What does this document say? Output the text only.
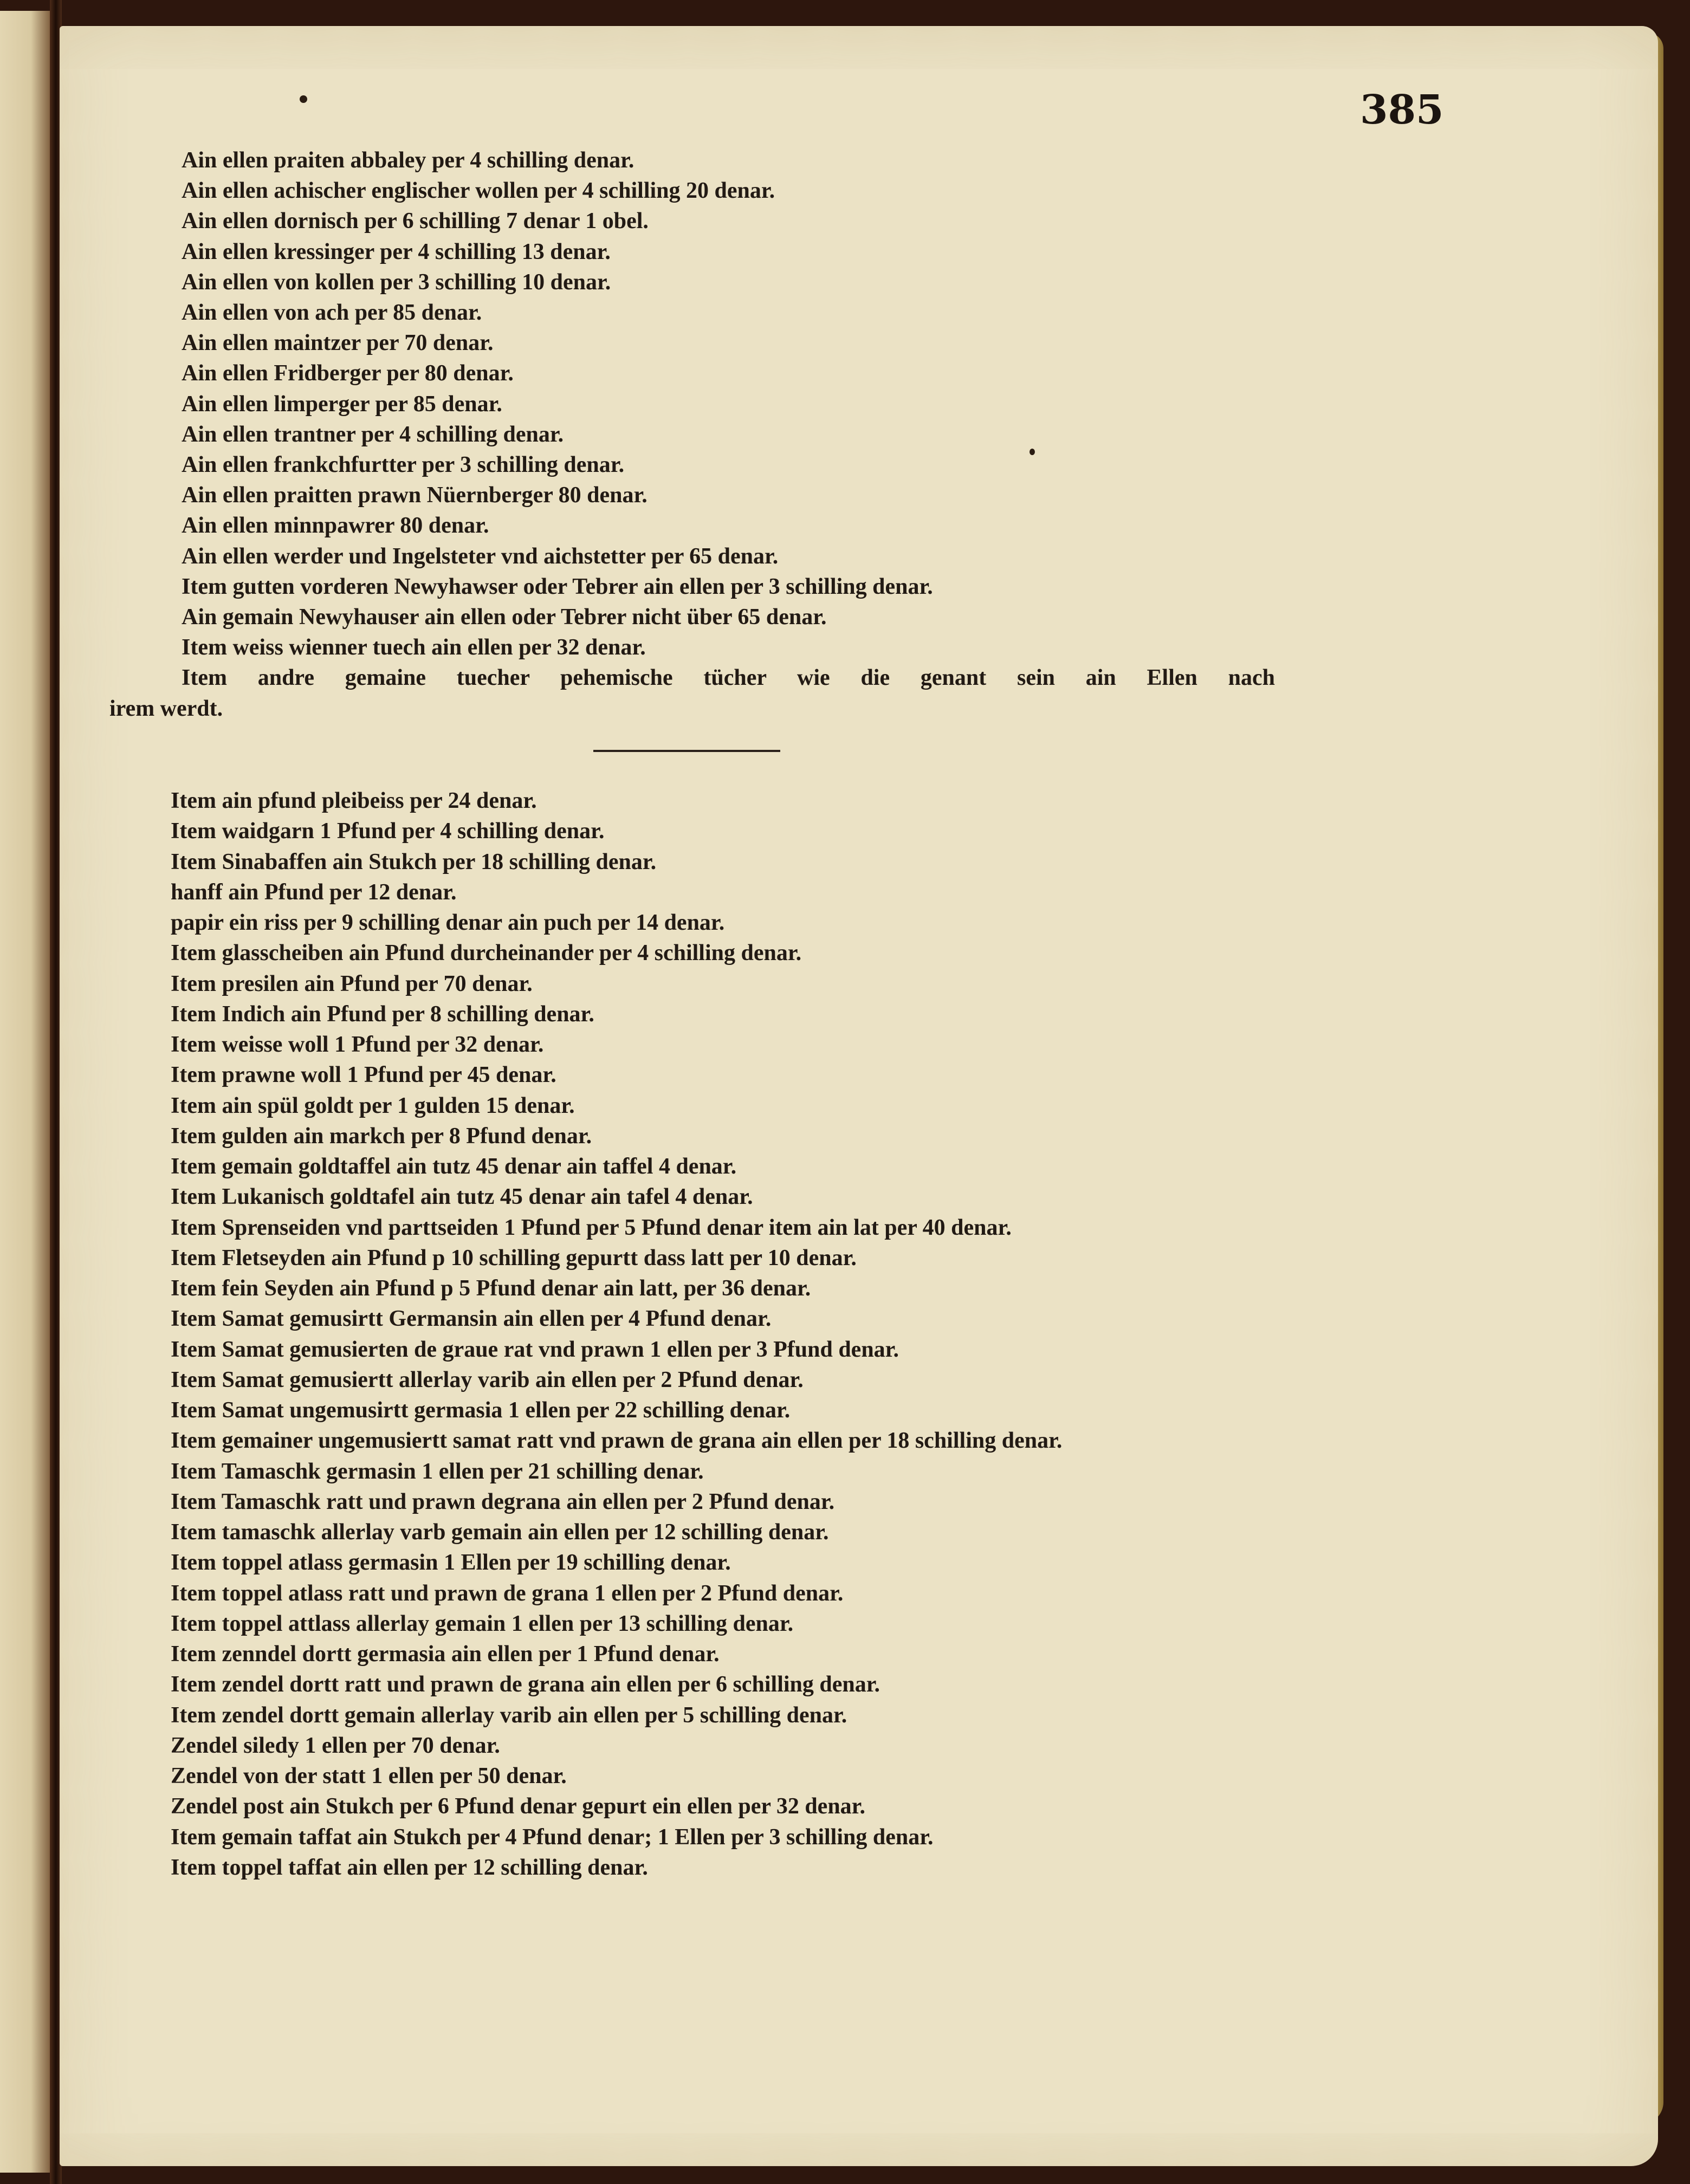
385

Ain ellen praiten abbaley per 4 schilling denar.
Ain ellen achischer englischer wollen per 4 schilling 20 denar.
Ain ellen dornisch per 6 schilling 7 denar 1 obel.
Ain ellen kressinger per 4 schilling 13 denar.
Ain ellen von kollen per 3 schilling 10 denar.
Ain ellen von ach per 85 denar.
Ain ellen maintzer per 70 denar.
Ain ellen Fridberger per 80 denar.
Ain ellen limperger per 85 denar.
Ain ellen trantner per 4 schilling denar.
Ain ellen frankchfurtter per 3 schilling denar.
Ain ellen praitten prawn Nüernberger 80 denar.
Ain ellen minnpawrer 80 denar.
Ain ellen werder und Ingelsteter vnd aichstetter per 65 denar.
Item gutten vorderen Newyhawser oder Tebrer ain ellen per 3 schilling denar.
Ain gemain Newyhauser ain ellen oder Tebrer nicht über 65 denar.
Item weiss wienner tuech ain ellen per 32 denar.
Item andre gemaine tuecher pehemische tücher wie die genant sein ain Ellen nach
irem werdt.
Item ain pfund pleibeiss per 24 denar.
Item waidgarn 1 Pfund per 4 schilling denar.
Item Sinabaffen ain Stukch per 18 schilling denar.
hanff ain Pfund per 12 denar.
papir ein riss per 9 schilling denar ain puch per 14 denar.
Item glasscheiben ain Pfund durcheinander per 4 schilling denar.
Item presilen ain Pfund per 70 denar.
Item Indich ain Pfund per 8 schilling denar.
Item weisse woll 1 Pfund per 32 denar.
Item prawne woll 1 Pfund per 45 denar.
Item ain spül goldt per 1 gulden 15 denar.
Item gulden ain markch per 8 Pfund denar.
Item gemain goldtaffel ain tutz 45 denar ain taffel 4 denar.
Item Lukanisch goldtafel ain tutz 45 denar ain tafel 4 denar.
Item Sprenseiden vnd parttseiden 1 Pfund per 5 Pfund denar item ain lat per 40 denar.
Item Fletseyden ain Pfund p 10 schilling gepurtt dass latt per 10 denar.
Item fein Seyden ain Pfund p 5 Pfund denar ain latt, per 36 denar.
Item Samat gemusirtt Germansin ain ellen per 4 Pfund denar.
Item Samat gemusierten de graue rat vnd prawn 1 ellen per 3 Pfund denar.
Item Samat gemusiertt allerlay varib ain ellen per 2 Pfund denar.
Item Samat ungemusirtt germasia 1 ellen per 22 schilling denar.
Item gemainer ungemusiertt samat ratt vnd prawn de grana ain ellen per 18 schilling denar.
Item Tamaschk germasin 1 ellen per 21 schilling denar.
Item Tamaschk ratt und prawn degrana ain ellen per 2 Pfund denar.
Item tamaschk allerlay varb gemain ain ellen per 12 schilling denar.
Item toppel atlass germasin 1 Ellen per 19 schilling denar.
Item toppel atlass ratt und prawn de grana 1 ellen per 2 Pfund denar.
Item toppel attlass allerlay gemain 1 ellen per 13 schilling denar.
Item zenndel dortt germasia ain ellen per 1 Pfund denar.
Item zendel dortt ratt und prawn de grana ain ellen per 6 schilling denar.
Item zendel dortt gemain allerlay varib ain ellen per 5 schilling denar.
Zendel siledy 1 ellen per 70 denar.
Zendel von der statt 1 ellen per 50 denar.
Zendel post ain Stukch per 6 Pfund denar gepurt ein ellen per 32 denar.
Item gemain taffat ain Stukch per 4 Pfund denar; 1 Ellen per 3 schilling denar.
Item toppel taffat ain ellen per 12 schilling denar.
